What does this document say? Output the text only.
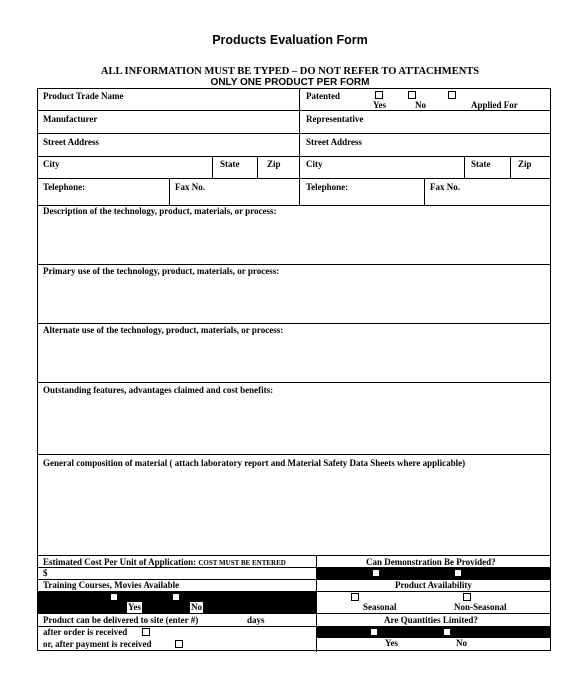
Products Evaluation Form
ALL INFORMATION MUST BE TYPED – DO NOT REFER TO ATTACHMENTS
ONLY ONE PRODUCT PER FORM
Product Trade Name	Patented
Yes	No	Applied For
Manufacturer	Representative
Street Address	Street Address
City	State	Zip	City	State	Zip
Telephone:	Fax No.	Telephone:	Fax No.
Description of the technology, product, materials, or process:
Primary use of the technology, product, materials, or process:
Alternate use of the technology, product, materials, or process:
Outstanding features, advantages claimed and cost benefits:
General composition of material ( attach laboratory report and Material Safety Data Sheets where applicable)
Estimated Cost Per Unit of Application: COST MUST BE ENTERED	Can Demonstration Be Provided?
$	Yes	No
Training Courses, Movies Available	Product Availability
Yes	No	Seasonal	Non-Seasonal
Product can be delivered to site (enter #)	days	Are Quantities Limited?
after order is received
or, after payment is received	Yes	No
